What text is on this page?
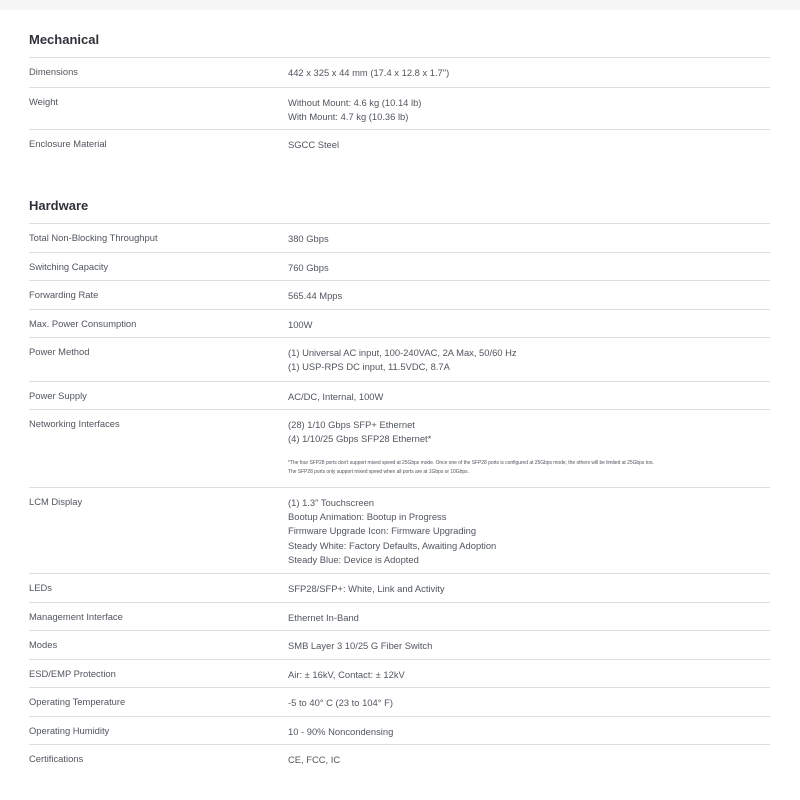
Mechanical
Dimensions	442 x 325 x 44 mm (17.4 x 12.8 x 1.7")
Weight	Without Mount: 4.6 kg (10.14 lb)
With Mount: 4.7 kg (10.36 lb)
Enclosure Material	SGCC Steel
Hardware
Total Non-Blocking Throughput	380 Gbps
Switching Capacity	760 Gbps
Forwarding Rate	565.44 Mpps
Max. Power Consumption	100W
Power Method	(1) Universal AC input, 100-240VAC, 2A Max, 50/60 Hz
(1) USP-RPS DC input, 11.5VDC, 8.7A
Power Supply	AC/DC, Internal, 100W
Networking Interfaces	(28) 1/10 Gbps SFP+ Ethernet
(4) 1/10/25 Gbps SFP28 Ethernet*
*The four SFP28 ports don't support mixed speed at 25Gbps mode. Once one of the SFP28 ports is configured at 25Gbps mode, the others will be limited at 25Gbps too.
The SFP28 ports only support mixed speed when all ports are at 1Gbps or 10Gbps.
LCM Display	(1) 1.3" Touchscreen
Bootup Animation: Bootup in Progress
Firmware Upgrade Icon: Firmware Upgrading
Steady White: Factory Defaults, Awaiting Adoption
Steady Blue: Device is Adopted
LEDs	SFP28/SFP+: White, Link and Activity
Management Interface	Ethernet In-Band
Modes	SMB Layer 3 10/25 G Fiber Switch
ESD/EMP Protection	Air: ± 16kV, Contact: ± 12kV
Operating Temperature	-5 to 40° C (23 to 104° F)
Operating Humidity	10 - 90% Noncondensing
Certifications	CE, FCC, IC
